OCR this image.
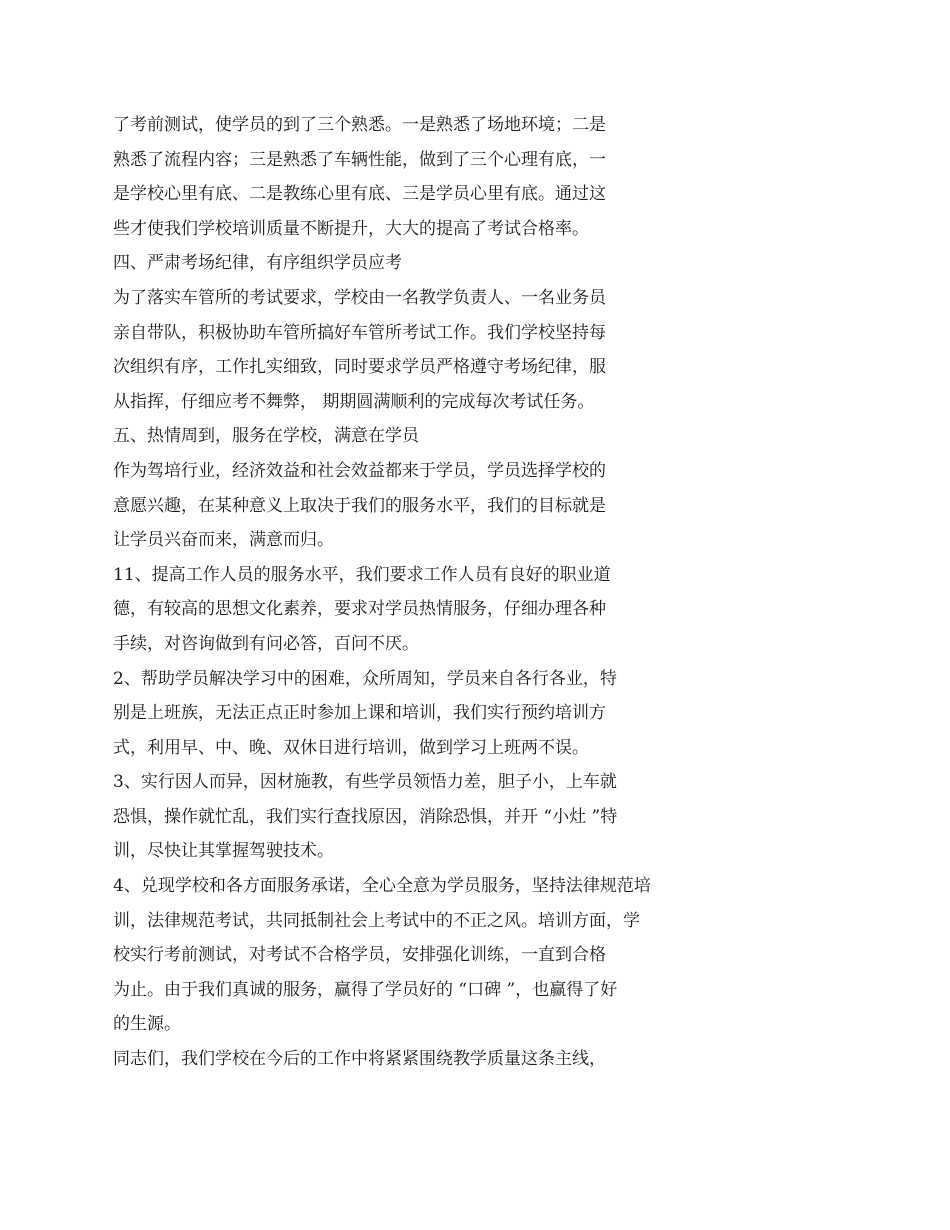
了考前测试，使学员的到了三个熟悉。一是熟悉了场地环境；二是
熟悉了流程内容；三是熟悉了车辆性能，做到了三个心理有底，一
是学校心里有底、二是教练心里有底、三是学员心里有底。通过这
些才使我们学校培训质量不断提升，大大的提高了考试合格率。
四、严肃考场纪律，有序组织学员应考
为了落实车管所的考试要求，学校由一名教学负责人、一名业务员
亲自带队，积极协助车管所搞好车管所考试工作。我们学校坚持每
次组织有序，工作扎实细致，同时要求学员严格遵守考场纪律，服
从指挥，仔细应考不舞弊， 期期圆满顺利的完成每次考试任务。
五、热情周到，服务在学校，满意在学员
作为驾培行业，经济效益和社会效益都来于学员，学员选择学校的
意愿兴趣，在某种意义上取决于我们的服务水平，我们的目标就是
让学员兴奋而来，满意而归。
11、提高工作人员的服务水平，我们要求工作人员有良好的职业道
德，有较高的思想文化素养，要求对学员热情服务，仔细办理各种
手续，对咨询做到有问必答，百问不厌。
2、帮助学员解决学习中的困难，众所周知，学员来自各行各业，特
别是上班族，无法正点正时参加上课和培训，我们实行预约培训方
式，利用早、中、晚、双休日进行培训，做到学习上班两不误。
3、实行因人而异，因材施教，有些学员领悟力差，胆子小，上车就
恐惧，操作就忙乱，我们实行查找原因，消除恐惧，并开 “小灶 ”特
训，尽快让其掌握驾驶技术。
4、兑现学校和各方面服务承诺，全心全意为学员服务，坚持法律规范培
训，法律规范考试，共同抵制社会上考试中的不正之风。培训方面，学
校实行考前测试，对考试不合格学员，安排强化训练，一直到合格
为止。由于我们真诚的服务，赢得了学员好的 “口碑 ”，也赢得了好
的生源。
同志们，我们学校在今后的工作中将紧紧围绕教学质量这条主线，
